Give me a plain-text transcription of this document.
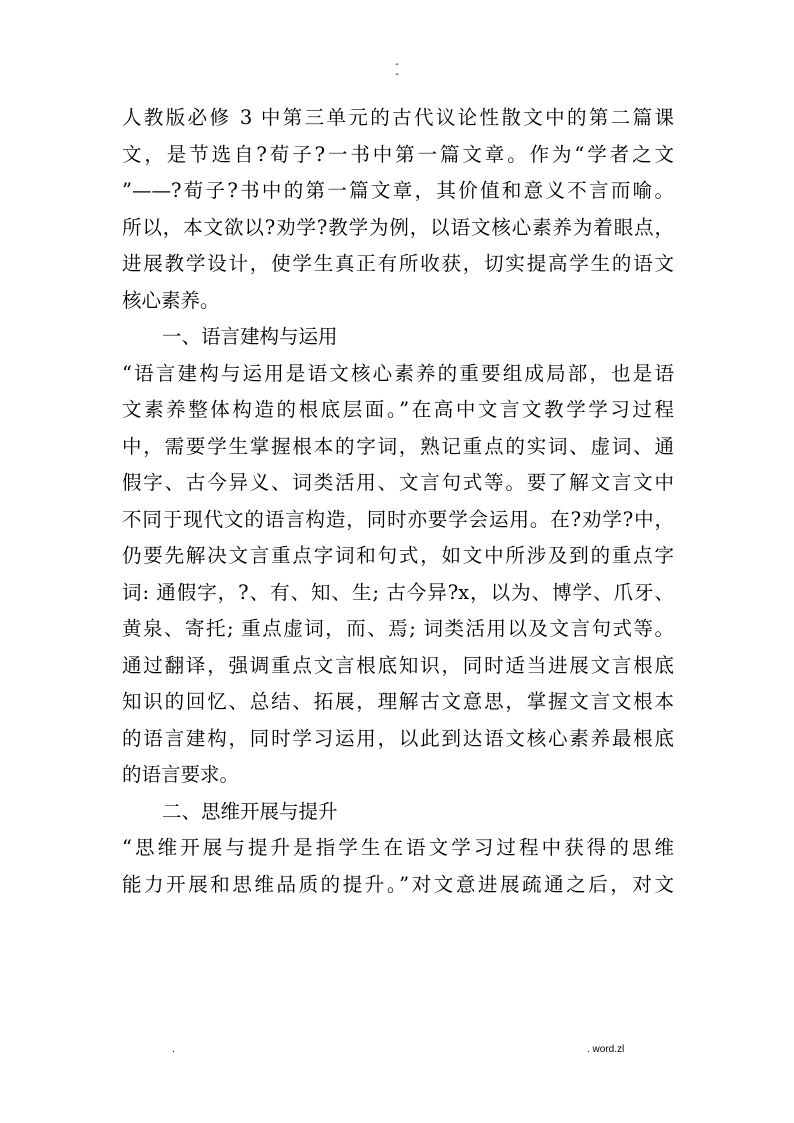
-
-
人教版必修 3 中第三单元的古代议论性散文中的第二篇课
文，是节选自?荀子?一书中第一篇文章。作为“学者之文
”——?荀子?书中的第一篇文章，其价值和意义不言而喻。
所以，本文欲以?劝学?教学为例，以语文核心素养为着眼点，
进展教学设计，使学生真正有所收获，切实提高学生的语文
核心素养。
一、语言建构与运用
“语言建构与运用是语文核心素养的重要组成局部，也是语
文素养整体构造的根底层面。”在高中文言文教学学习过程
中，需要学生掌握根本的字词，熟记重点的实词、虚词、通
假字、古今异义、词类活用、文言句式等。要了解文言文中
不同于现代文的语言构造，同时亦要学会运用。在?劝学?中，
仍要先解决文言重点字词和句式，如文中所涉及到的重点字
词: 通假字，?、有、知、生; 古今异?x，以为、博学、爪牙、
黄泉、寄托; 重点虚词，而、焉; 词类活用以及文言句式等。
通过翻译，强调重点文言根底知识，同时适当进展文言根底
知识的回忆、总结、拓展，理解古文意思，掌握文言文根本
的语言建构，同时学习运用，以此到达语文核心素养最根底
的语言要求。
二、思维开展与提升
“思维开展与提升是指学生在语文学习过程中获得的思维
能力开展和思维品质的提升。”对文意进展疏通之后，对文
.	. word.zl
